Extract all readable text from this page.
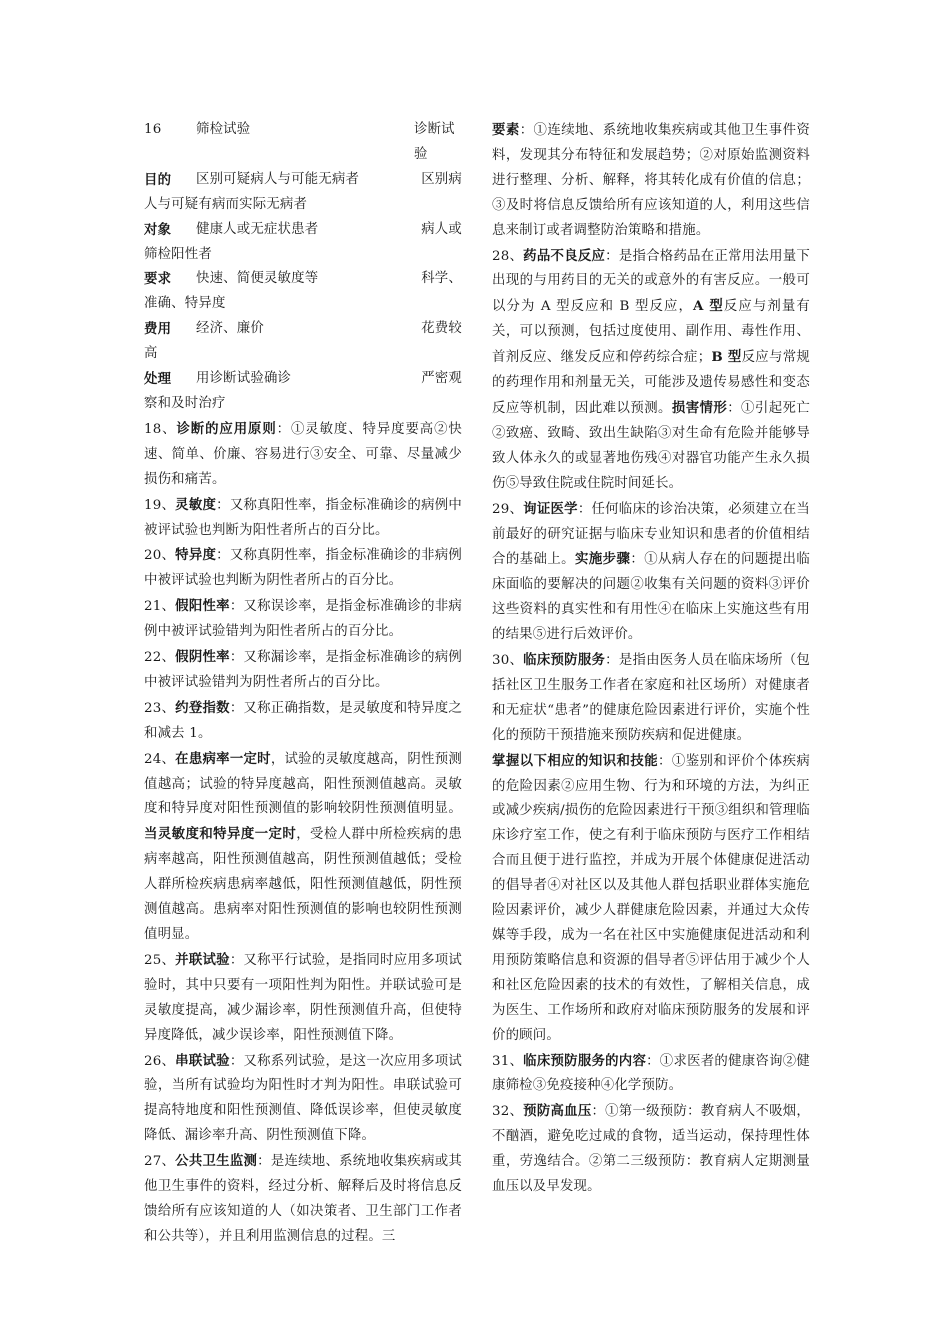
16	筛检试验	诊断试验
目的	区别可疑病人与可能无病者	区别病
人与可疑有病而实际无病者
对象	健康人或无症状患者	病人或
筛检阳性者
要求	快速、简便灵敏度等	科学、
准确、特异度
费用	经济、廉价	花费较
高
处理	用诊断试验确诊	严密观
察和及时治疗

18、诊断的应用原则：①灵敏度、特异度要高②快速、简单、价廉、容易进行③安全、可靠、尽量减少损伤和痛苦。

19、灵敏度：又称真阳性率，指金标准确诊的病例中被评试验也判断为阳性者所占的百分比。

20、特异度：又称真阴性率，指金标准确诊的非病例中被评试验也判断为阴性者所占的百分比。

21、假阳性率：又称误诊率，是指金标准确诊的非病例中被评试验错判为阳性者所占的百分比。

22、假阴性率：又称漏诊率，是指金标准确诊的病例中被评试验错判为阴性者所占的百分比。

23、约登指数：又称正确指数，是灵敏度和特异度之和减去 1。

24、在患病率一定时，试验的灵敏度越高，阴性预测值越高；试验的特异度越高，阳性预测值越高。灵敏度和特异度对阳性预测值的影响较阴性预测值明显。当灵敏度和特异度一定时，受检人群中所检疾病的患病率越高，阳性预测值越高，阴性预测值越低；受检人群所检疾病患病率越低，阳性预测值越低，阴性预测值越高。患病率对阳性预测值的影响也较阴性预测值明显。

25、并联试验：又称平行试验，是指同时应用多项试验时，其中只要有一项阳性判为阳性。并联试验可是灵敏度提高，减少漏诊率，阴性预测值升高，但使特异度降低，减少误诊率，阳性预测值下降。

26、串联试验：又称系列试验，是这一次应用多项试验，当所有试验均为阳性时才判为阳性。串联试验可提高特地度和阳性预测值、降低误诊率，但使灵敏度降低、漏诊率升高、阴性预测值下降。

27、公共卫生监测：是连续地、系统地收集疾病或其他卫生事件的资料，经过分析、解释后及时将信息反馈给所有应该知道的人（如决策者、卫生部门工作者和公共等），并且利用监测信息的过程。三

要素：①连续地、系统地收集疾病或其他卫生事件资料，发现其分布特征和发展趋势；②对原始监测资料进行整理、分析、解释，将其转化成有价值的信息；③及时将信息反馈给所有应该知道的人，利用这些信息来制订或者调整防治策略和措施。

28、药品不良反应：是指合格药品在正常用法用量下出现的与用药目的无关的或意外的有害反应。一般可以分为 A 型反应和 B 型反应，A 型反应与剂量有关，可以预测，包括过度使用、副作用、毒性作用、首剂反应、继发反应和停药综合症；B 型反应与常规的药理作用和剂量无关，可能涉及遗传易感性和变态反应等机制，因此难以预测。损害情形：①引起死亡②致癌、致畸、致出生缺陷③对生命有危险并能够导致人体永久的或显著地伤残④对器官功能产生永久损伤⑤导致住院或住院时间延长。

29、询证医学：任何临床的诊治决策，必须建立在当前最好的研究证据与临床专业知识和患者的价值相结合的基础上。实施步骤：①从病人存在的问题提出临床面临的要解决的问题②收集有关问题的资料③评价这些资料的真实性和有用性④在临床上实施这些有用的结果⑤进行后效评价。

30、临床预防服务：是指由医务人员在临床场所（包括社区卫生服务工作者在家庭和社区场所）对健康者和无症状“患者”的健康危险因素进行评价，实施个性化的预防干预措施来预防疾病和促进健康。

掌握以下相应的知识和技能：①鉴别和评价个体疾病的危险因素②应用生物、行为和环境的方法，为纠正或减少疾病/损伤的危险因素进行干预③组织和管理临床诊疗室工作，使之有利于临床预防与医疗工作相结合而且便于进行监控，并成为开展个体健康促进活动的倡导者④对社区以及其他人群包括职业群体实施危险因素评价，减少人群健康危险因素，并通过大众传媒等手段，成为一名在社区中实施健康促进活动和利用预防策略信息和资源的倡导者⑤评估用于减少个人和社区危险因素的技术的有效性，了解相关信息，成为医生、工作场所和政府对临床预防服务的发展和评价的顾问。

31、临床预防服务的内容：①求医者的健康咨询②健康筛检③免疫接种④化学预防。

32、预防高血压：①第一级预防：教育病人不吸烟，不酗酒，避免吃过咸的食物，适当运动，保持理性体重，劳逸结合。②第二三级预防：教育病人定期测量血压以及早发现。
